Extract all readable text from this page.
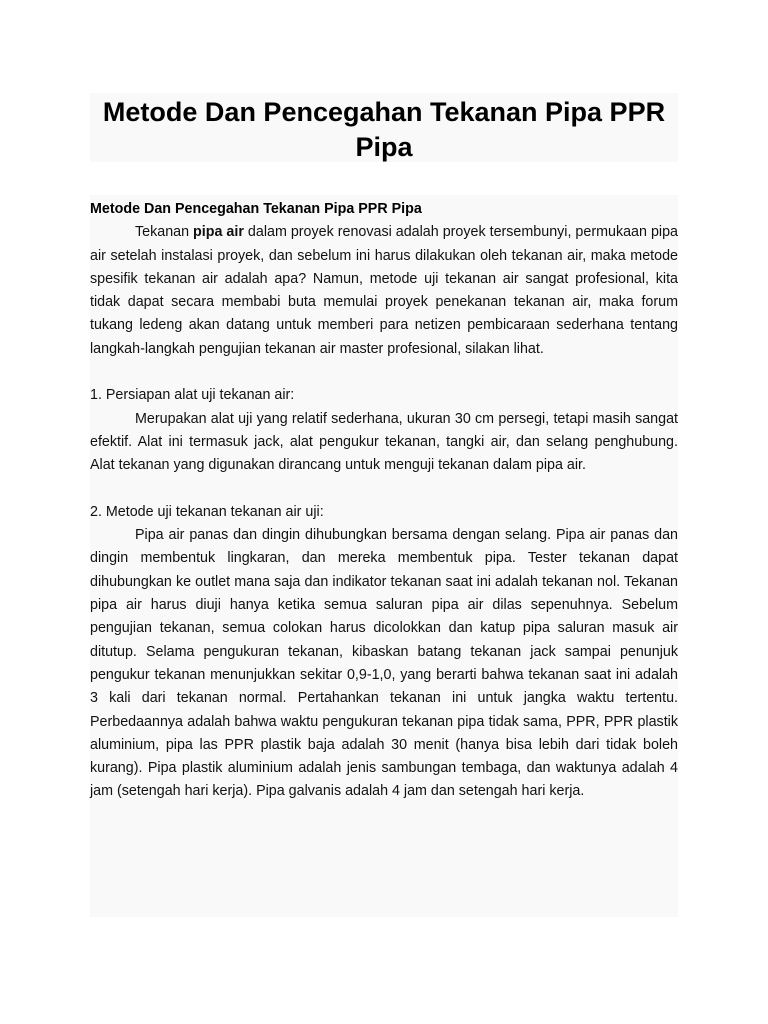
Metode Dan Pencegahan Tekanan Pipa PPR Pipa

Metode Dan Pencegahan Tekanan Pipa PPR Pipa

Tekanan pipa air dalam proyek renovasi adalah proyek tersembunyi, permukaan pipa air setelah instalasi proyek, dan sebelum ini harus dilakukan oleh tekanan air, maka metode spesifik tekanan air adalah apa? Namun, metode uji tekanan air sangat profesional, kita tidak dapat secara membabi buta memulai proyek penekanan tekanan air, maka forum tukang ledeng akan datang untuk memberi para netizen pembicaraan sederhana tentang langkah-langkah pengujian tekanan air master profesional, silakan lihat.

1. Persiapan alat uji tekanan air:

Merupakan alat uji yang relatif sederhana, ukuran 30 cm persegi, tetapi masih sangat efektif. Alat ini termasuk jack, alat pengukur tekanan, tangki air, dan selang penghubung. Alat tekanan yang digunakan dirancang untuk menguji tekanan dalam pipa air.

2. Metode uji tekanan tekanan air uji:

Pipa air panas dan dingin dihubungkan bersama dengan selang. Pipa air panas dan dingin membentuk lingkaran, dan mereka membentuk pipa. Tester tekanan dapat dihubungkan ke outlet mana saja dan indikator tekanan saat ini adalah tekanan nol. Tekanan pipa air harus diuji hanya ketika semua saluran pipa air dilas sepenuhnya. Sebelum pengujian tekanan, semua colokan harus dicolokkan dan katup pipa saluran masuk air ditutup. Selama pengukuran tekanan, kibaskan batang tekanan jack sampai penunjuk pengukur tekanan menunjukkan sekitar 0,9-1,0, yang berarti bahwa tekanan saat ini adalah 3 kali dari tekanan normal. Pertahankan tekanan ini untuk jangka waktu tertentu. Perbedaannya adalah bahwa waktu pengukuran tekanan pipa tidak sama, PPR, PPR plastik aluminium, pipa las PPR plastik baja adalah 30 menit (hanya bisa lebih dari tidak boleh kurang). Pipa plastik aluminium adalah jenis sambungan tembaga, dan waktunya adalah 4 jam (setengah hari kerja). Pipa galvanis adalah 4 jam dan setengah hari kerja.
